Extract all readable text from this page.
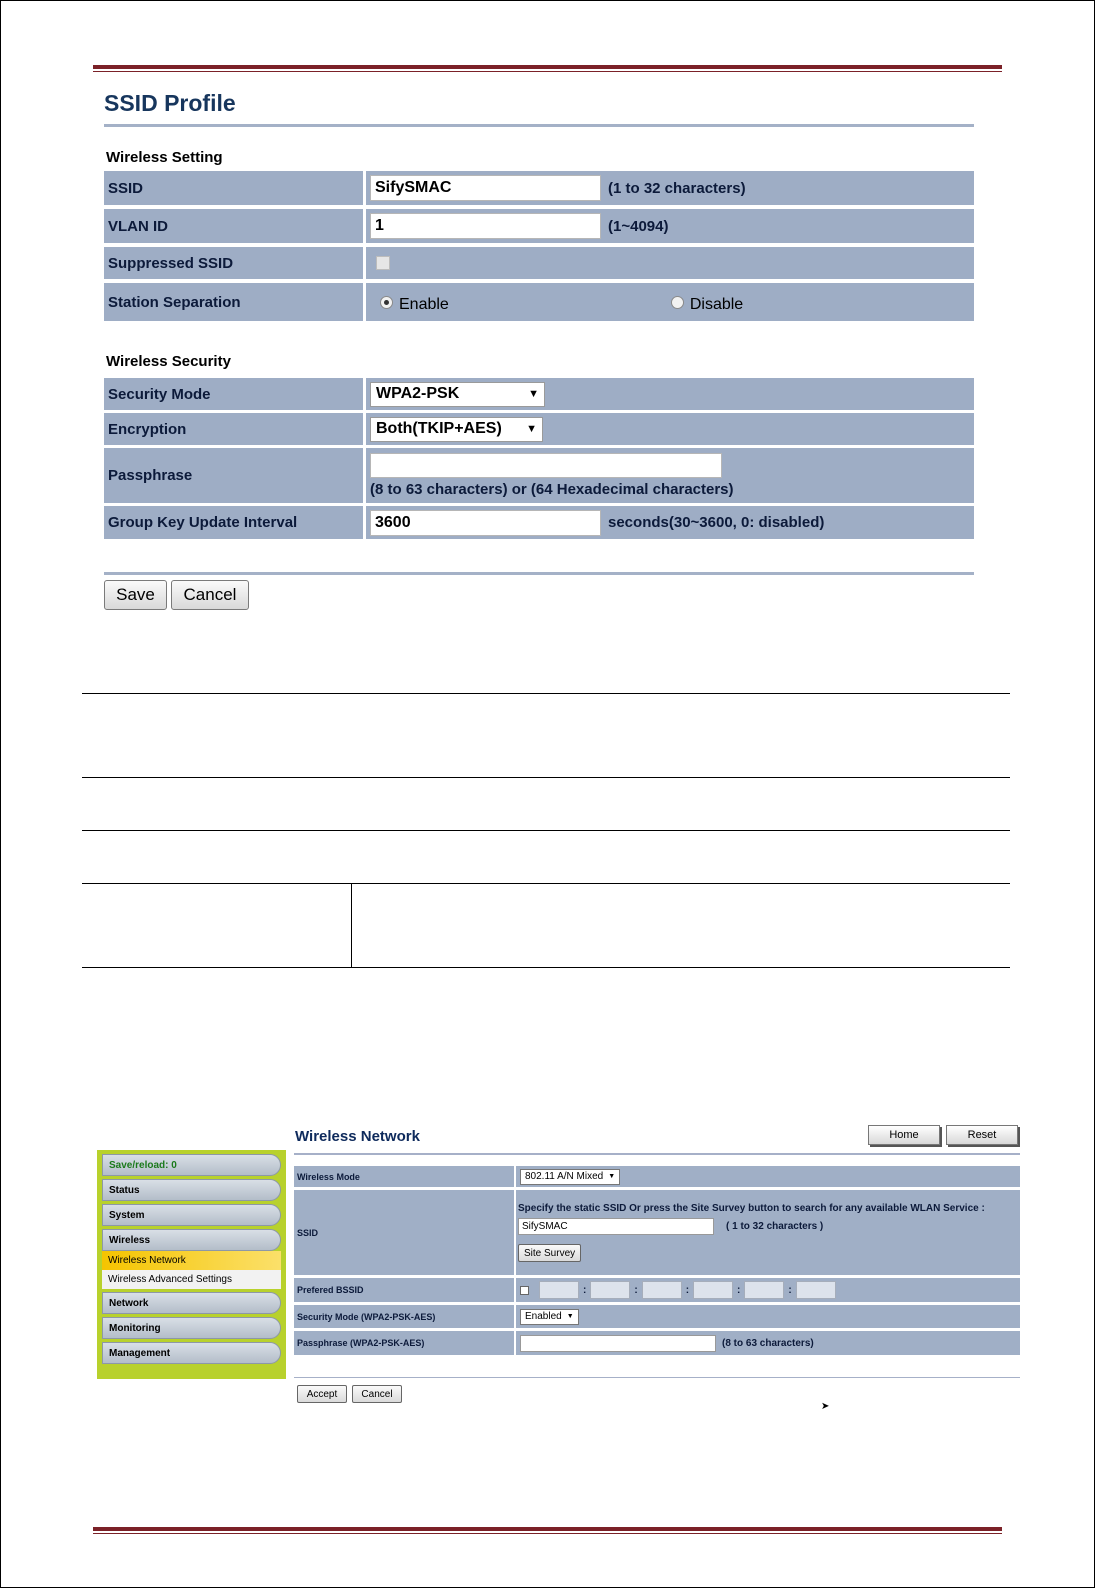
SSID Profile
Wireless Setting
SSID	SifySMAC	(1 to 32 characters)
VLAN ID	1	(1~4094)
Suppressed SSID
Station Separation	Enable	Disable
Wireless Security
Security Mode	WPA2-PSK	▼
Encryption	Both(TKIP+AES) ▼
Passphrase
(8 to 63 characters) or (64 Hexadecimal characters)
Group Key Update Interval	3600	seconds(30~3600, 0: disabled)
Save	Cancel
Wireless Network	Home	Reset
Save/reload: 0
Status
System
Wireless
Wireless Network
Wireless Advanced Settings
Network
Monitoring
Management
Wireless Mode	802.11 A/N Mixed ▼
SSID
Specify the static SSID Or press the Site Survey button to search for any available WLAN Service :
SifySMAC	( 1 to 32 characters )
Site Survey
Prefered BSSID	:	:	:	:	:
Security Mode (WPA2-PSK-AES)	Enabled ▼
Passphrase (WPA2-PSK-AES)	(8 to 63 characters)
Accept	Cancel
➤
